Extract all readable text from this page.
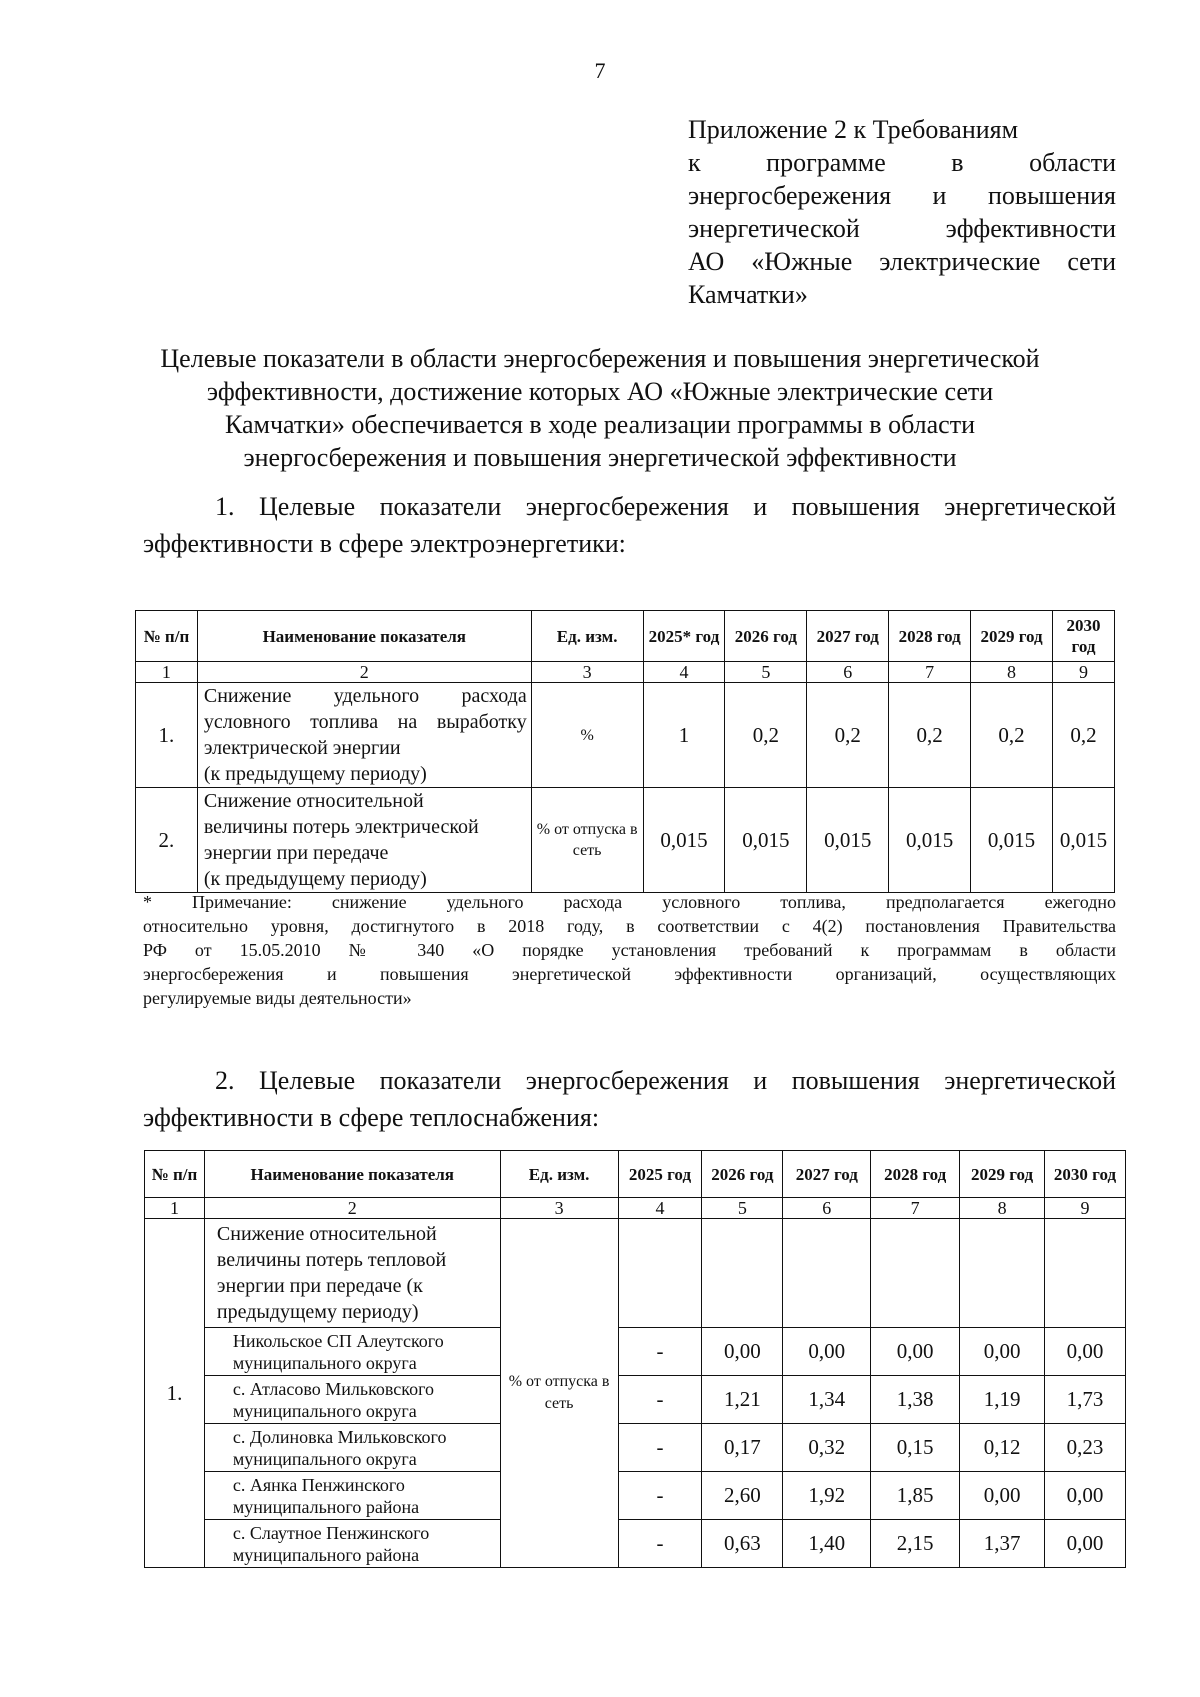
7
Приложение 2 к Требованиям
к программе в области
энергосбережения и повышения
энергетической эффективности
АО «Южные электрические сети
Камчатки»
Целевые показатели в области энергосбережения и повышения энергетической
эффективности, достижение которых АО «Южные электрические сети
Камчатки» обеспечивается в ходе реализации программы в области
энергосбережения и повышения энергетической эффективности
1. Целевые показатели энергосбережения и повышения энергетической
эффективности в сфере электроэнергетики:
№ п/п	Наименование показателя	Ед. изм.	2025* год	2026 год	2027 год	2028 год	2029 год	2030 год
1	2	3	4	5	6	7	8	9
1.	Снижение удельного расхода
условного топлива на выработку
электрической энергии
(к предыдущему периоду)	%	1	0,2	0,2	0,2	0,2	0,2
2.	Снижение относительной
величины потерь электрической
энергии при передаче
(к предыдущему периоду)	% от отпуска в сеть	0,015	0,015	0,015	0,015	0,015	0,015
* Примечание: снижение удельного расхода условного топлива, предполагается ежегодно
относительно уровня, достигнутого в 2018 году, в соответствии с 4(2) постановления Правительства
РФ от 15.05.2010 № 340 «О порядке установления требований к программам в области
энергосбережения и повышения энергетической эффективности организаций, осуществляющих
регулируемые виды деятельности»
2. Целевые показатели энергосбережения и повышения энергетической
эффективности в сфере теплоснабжения:
№ п/п	Наименование показателя	Ед. изм.	2025 год	2026 год	2027 год	2028 год	2029 год	2030 год
1	2	3	4	5	6	7	8	9
1.	Снижение относительной величины потерь тепловой энергии при передаче (к предыдущему периоду)	% от отпуска в сеть						
	Никольское СП Алеутского муниципального округа		-	0,00	0,00	0,00	0,00	0,00
	с. Атласово Мильковского муниципального округа		-	1,21	1,34	1,38	1,19	1,73
	с. Долиновка Мильковского муниципального округа		-	0,17	0,32	0,15	0,12	0,23
	с. Аянка Пенжинского муниципального района		-	2,60	1,92	1,85	0,00	0,00
	с. Слаутное Пенжинского муниципального района		-	0,63	1,40	2,15	1,37	0,00
